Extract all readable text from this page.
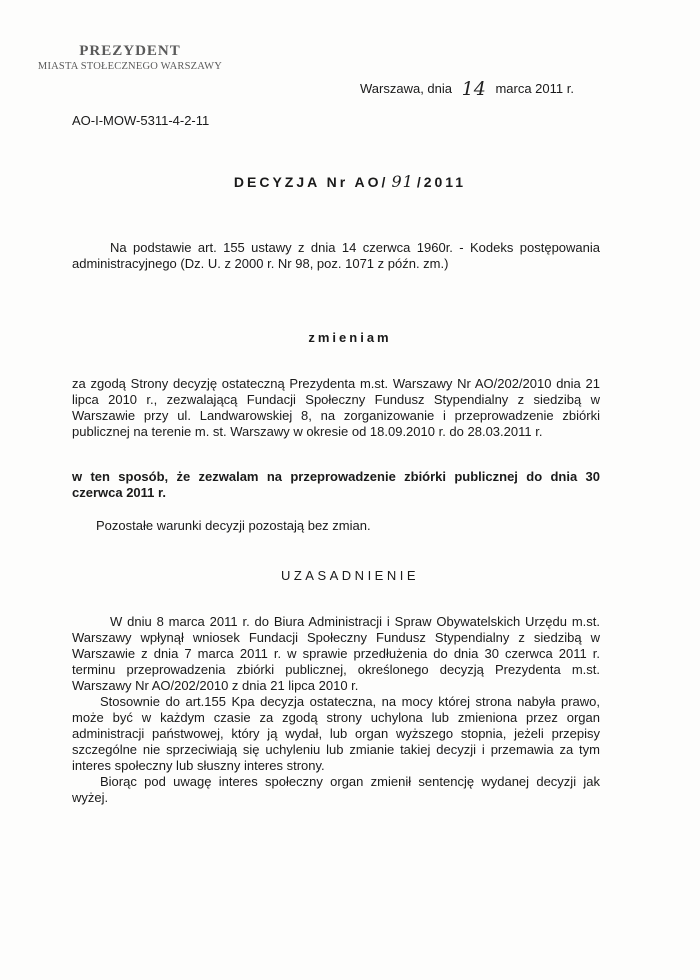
PREZYDENT
MIASTA STOŁECZNEGO WARSZAWY
Warszawa, dnia 14 marca 2011 r.
AO-I-MOW-5311-4-2-11
DECYZJA Nr AO/ 91 /2011

Na podstawie art. 155 ustawy z dnia 14 czerwca 1960r. - Kodeks postępowania administracyjnego (Dz. U. z 2000 r. Nr 98, poz. 1071 z późn. zm.)

zmieniam

za zgodą Strony decyzję ostateczną Prezydenta m.st. Warszawy Nr AO/202/2010 dnia 21 lipca 2010 r., zezwalającą Fundacji Społeczny Fundusz Stypendialny z siedzibą w Warszawie przy ul. Landwarowskiej 8, na zorganizowanie i przeprowadzenie zbiórki publicznej na terenie m. st. Warszawy w okresie od 18.09.2010 r. do 28.03.2011 r.

w ten sposób, że zezwalam na przeprowadzenie zbiórki publicznej do dnia 30 czerwca 2011 r.

Pozostałe warunki decyzji pozostają bez zmian.

UZASADNIENIE

W dniu 8 marca 2011 r. do Biura Administracji i Spraw Obywatelskich Urzędu m.st. Warszawy wpłynął wniosek Fundacji Społeczny Fundusz Stypendialny z siedzibą w Warszawie z dnia 7 marca 2011 r. w sprawie przedłużenia do dnia 30 czerwca 2011 r. terminu przeprowadzenia zbiórki publicznej, określonego decyzją Prezydenta m.st. Warszawy Nr AO/202/2010 z dnia 21 lipca 2010 r.

Stosownie do art.155 Kpa decyzja ostateczna, na mocy której strona nabyła prawo, może być w każdym czasie za zgodą strony uchylona lub zmieniona przez organ administracji państwowej, który ją wydał, lub organ wyższego stopnia, jeżeli przepisy szczególne nie sprzeciwiają się uchyleniu lub zmianie takiej decyzji i przemawia za tym interes społeczny lub słuszny interes strony.

Biorąc pod uwagę interes społeczny organ zmienił sentencję wydanej decyzji jak wyżej.
